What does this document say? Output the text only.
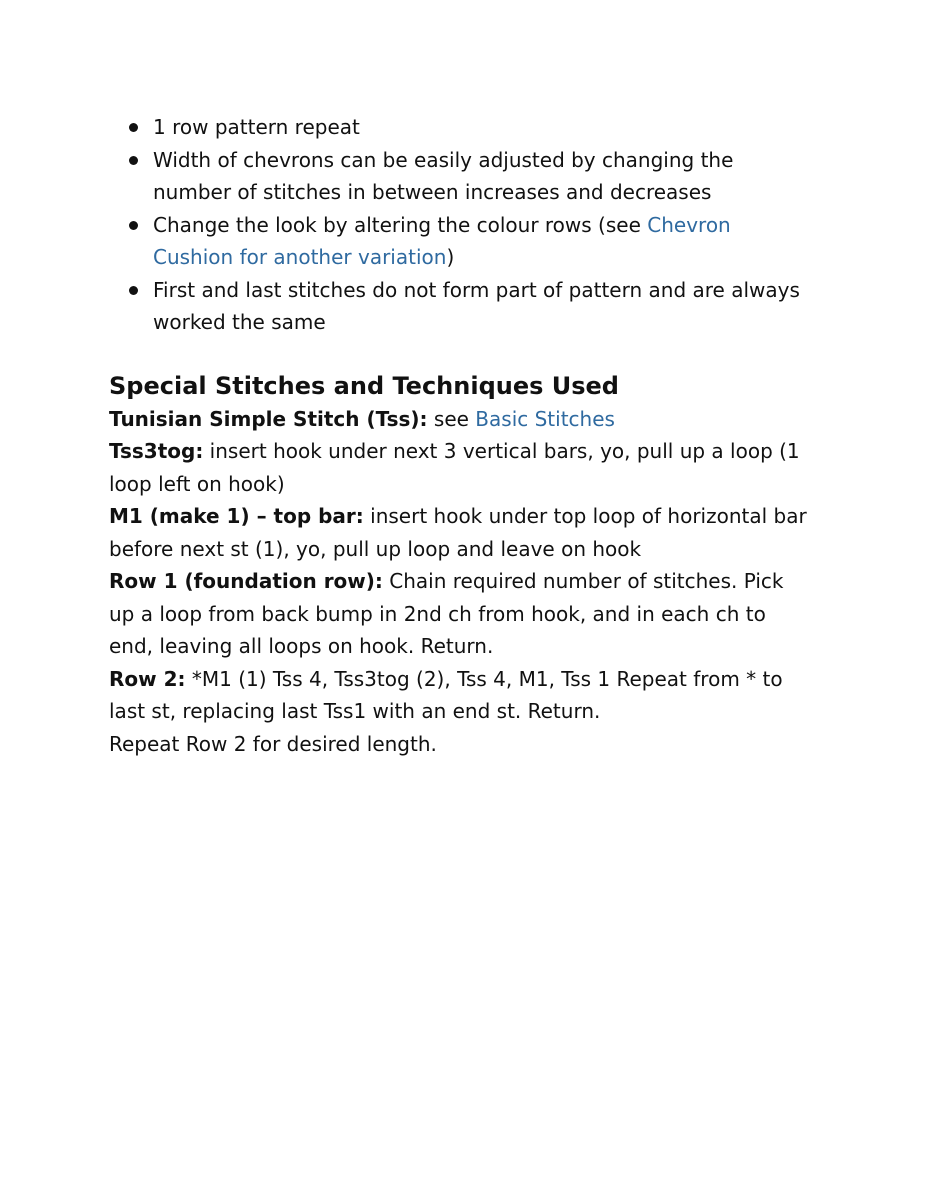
1 row pattern repeat
Width of chevrons can be easily adjusted by changing the number of stitches in between increases and decreases
Change the look by altering the colour rows (see Chevron Cushion for another variation)
First and last stitches do not form part of pattern and are always worked the same
Special Stitches and Techniques Used

Tunisian Simple Stitch (Tss): see Basic Stitches

Tss3tog: insert hook under next 3 vertical bars, yo, pull up a loop (1 loop left on hook)

M1 (make 1) – top bar: insert hook under top loop of horizontal bar before next st (1), yo, pull up loop and leave on hook

Row 1 (foundation row): Chain required number of stitches. Pick up a loop from back bump in 2nd ch from hook, and in each ch to end, leaving all loops on hook. Return.

Row 2: *M1 (1) Tss 4, Tss3tog (2), Tss 4, M1, Tss 1 Repeat from * to last st, replacing last Tss1 with an end st. Return.

Repeat Row 2 for desired length.
